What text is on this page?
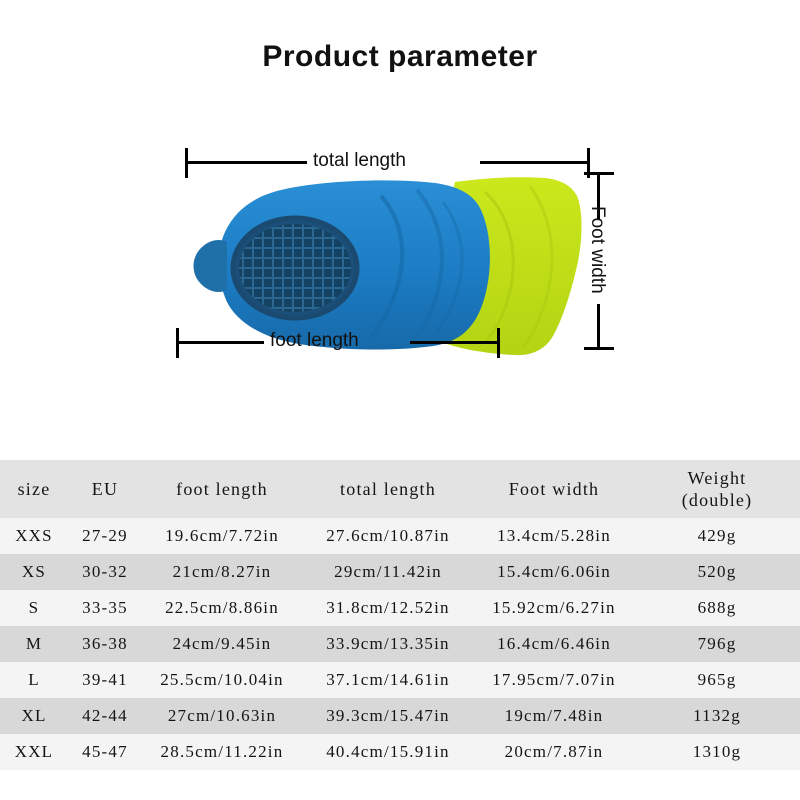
Product parameter
total length
Foot width
foot length
size	EU	foot length	total length	Foot width	Weight
(double)

XXS	27-29	19.6cm/7.72in	27.6cm/10.87in	13.4cm/5.28in	429g
XS	30-32	21cm/8.27in	29cm/11.42in	15.4cm/6.06in	520g
S	33-35	22.5cm/8.86in	31.8cm/12.52in	15.92cm/6.27in	688g
M	36-38	24cm/9.45in	33.9cm/13.35in	16.4cm/6.46in	796g
L	39-41	25.5cm/10.04in	37.1cm/14.61in	17.95cm/7.07in	965g
XL	42-44	27cm/10.63in	39.3cm/15.47in	19cm/7.48in	1132g
XXL	45-47	28.5cm/11.22in	40.4cm/15.91in	20cm/7.87in	1310g
